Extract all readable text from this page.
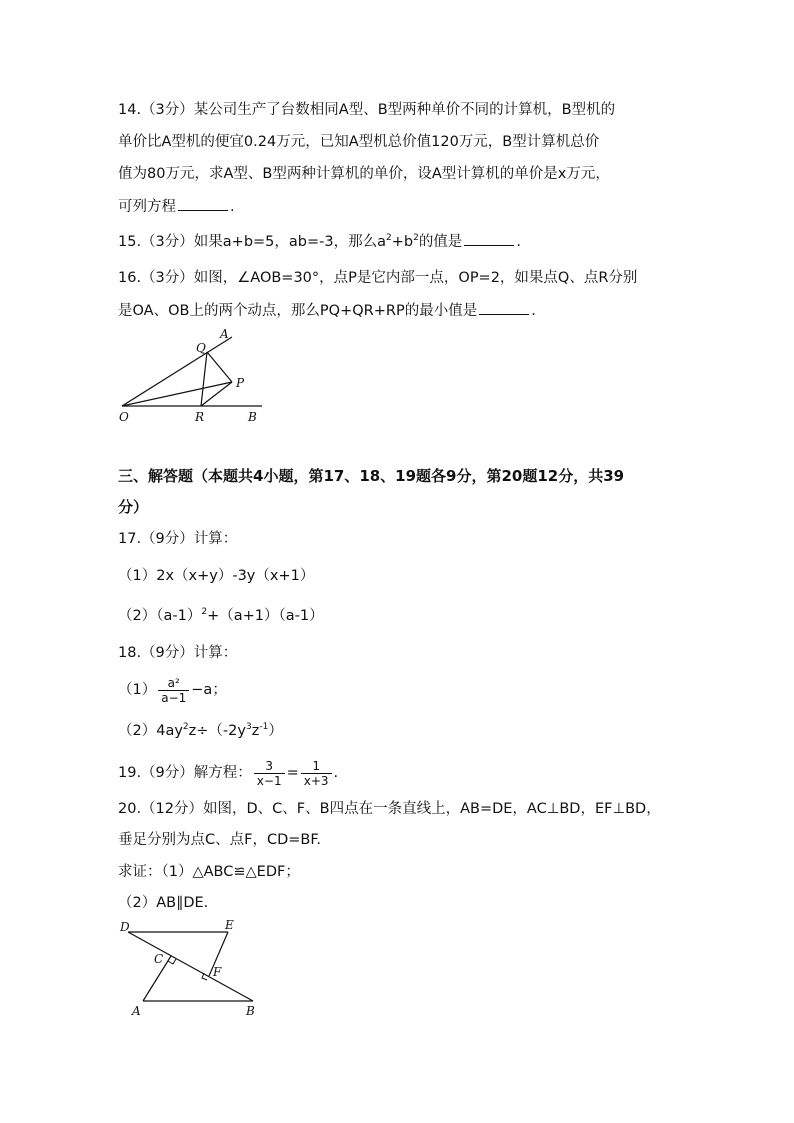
14.（3分）某公司生产了台数相同A型、B型两种单价不同的计算机，B型机的
单价比A型机的便宜0.24万元，已知A型机总价值120万元，B型计算机总价
值为80万元，求A型、B型两种计算机的单价，设A型计算机的单价是x万元，
可列方程	.
15.（3分）如果a+b=5，ab=-3，那么$a^2+b^2$的值是	.
16.（3分）如图，∠AOB=30°，点P是它内部一点，OP=2，如果点Q、点R分别
是OA、OB上的两个动点，那么PQ+QR+RP的最小值是	.
A
Q
P
O	R	B
三、解答题（本题共4小题，第17、18、19题各9分，第20题12分，共39
分）
17.（9分）计算：
（1）2x（x+y）-3y（x+1）
$(2)(a-1)^2+(a+1)(a-1)$
18.（9分）计算：
$(1) \frac{\text{a²}}{a-1} -a$；
$(2)4ay^2z\div(-2y^3z^{-1})$
19.（9分）解方程： $\frac{3}{x-1} = \frac{1}{x+3}$ .
20.（12分）如图，D、C、F、B四点在一条直线上，AB=DE，AC⊥BD，EF⊥BD，
垂足分别为点C、点F，CD=BF.
求证：（1）△ABC≌△EDF；
（2）AB∥DE.
D	E
C
F
A	B
